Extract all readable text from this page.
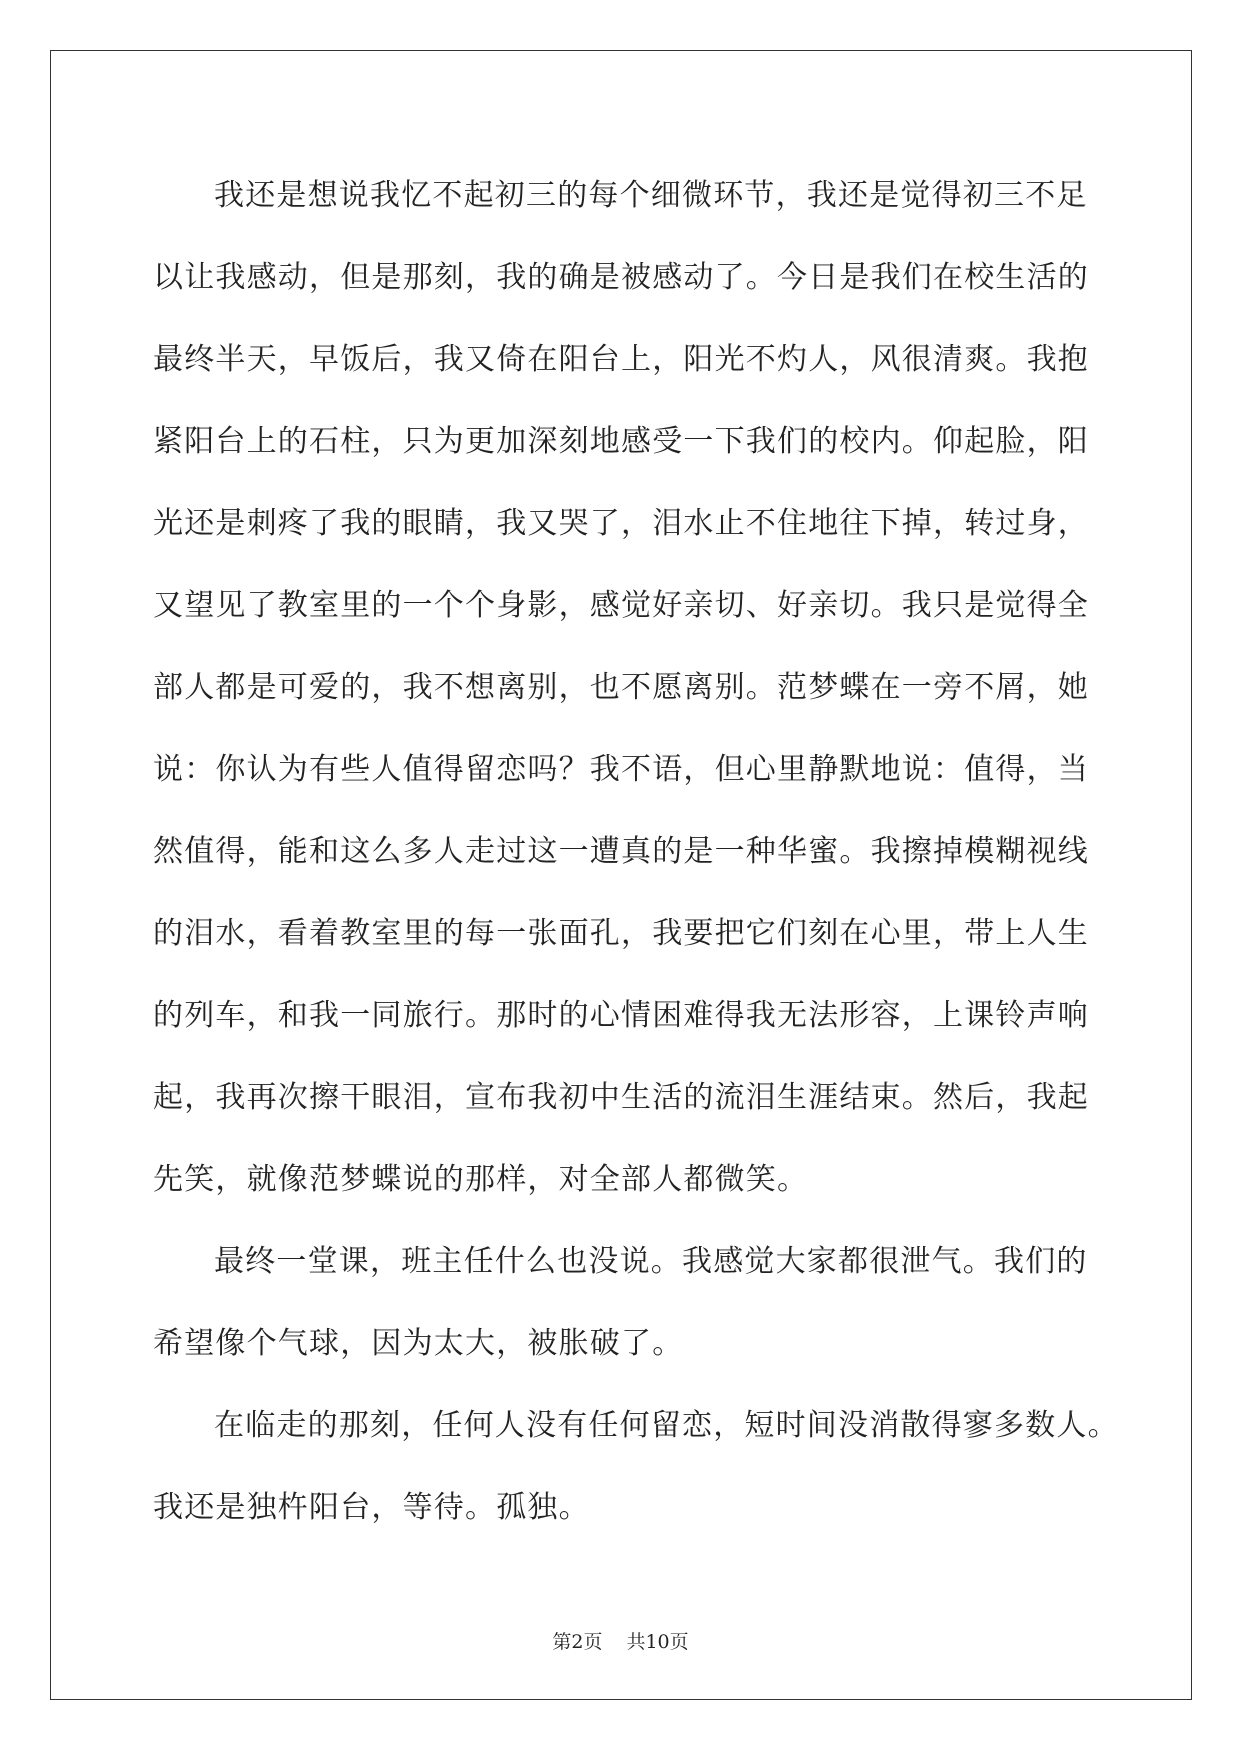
我还是想说我忆不起初三的每个细微环节，我还是觉得初三不足
以让我感动，但是那刻，我的确是被感动了。今日是我们在校生活的
最终半天，早饭后，我又倚在阳台上，阳光不灼人，风很清爽。我抱
紧阳台上的石柱，只为更加深刻地感受一下我们的校内。仰起脸，阳
光还是刺疼了我的眼睛，我又哭了，泪水止不住地往下掉，转过身，
又望见了教室里的一个个身影，感觉好亲切、好亲切。我只是觉得全
部人都是可爱的，我不想离别，也不愿离别。范梦蝶在一旁不屑，她
说：你认为有些人值得留恋吗？我不语，但心里静默地说：值得，当
然值得，能和这么多人走过这一遭真的是一种华蜜。我擦掉模糊视线
的泪水，看着教室里的每一张面孔，我要把它们刻在心里，带上人生
的列车，和我一同旅行。那时的心情困难得我无法形容，上课铃声响
起，我再次擦干眼泪，宣布我初中生活的流泪生涯结束。然后，我起
先笑，就像范梦蝶说的那样，对全部人都微笑。

最终一堂课，班主任什么也没说。我感觉大家都很泄气。我们的
希望像个气球，因为太大，被胀破了。

在临走的那刻，任何人没有任何留恋，短时间没消散得寥多数人。
我还是独杵阳台，等待。孤独。

第2页 共10页
